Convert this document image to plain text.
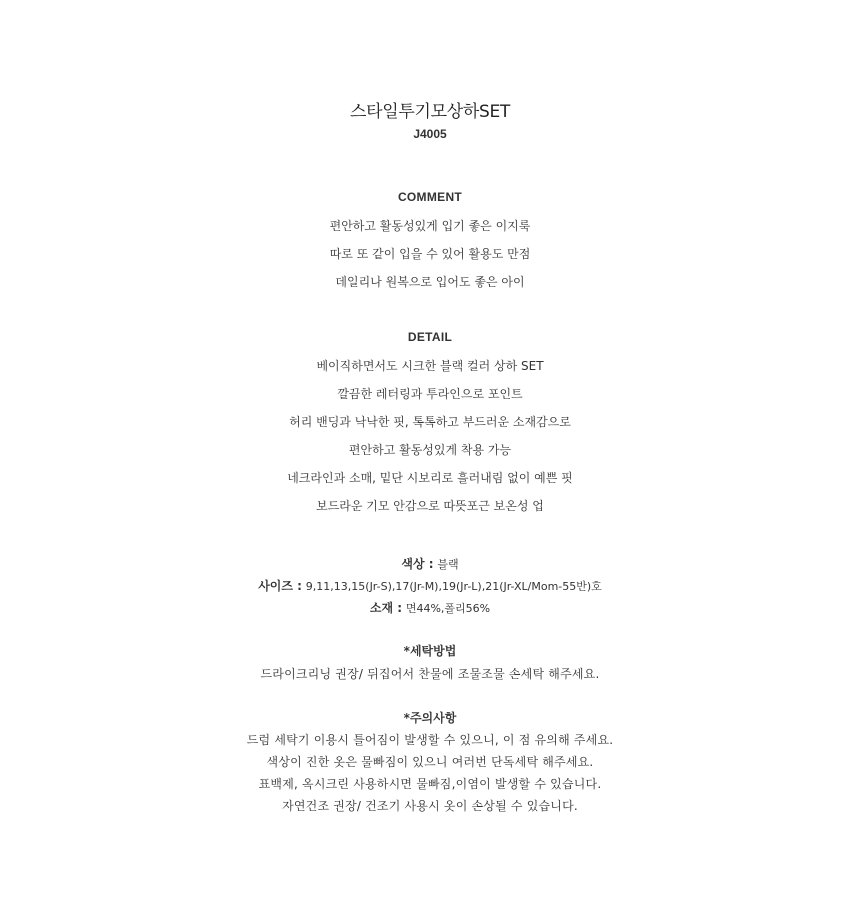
스타일투기모상하SET
J4005
COMMENT
편안하고 활동성있게 입기 좋은 이지룩
따로 또 같이 입을 수 있어 활용도 만점
데일리나 원복으로 입어도 좋은 아이
DETAIL
베이직하면서도 시크한 블랙 컬러 상하 SET
깔끔한 레터링과 투라인으로 포인트
허리 밴딩과 낙낙한 핏, 톡톡하고 부드러운 소재감으로
편안하고 활동성있게 착용 가능
네크라인과 소매, 밑단 시보리로 흘러내림 없이 예쁜 핏
보드라운 기모 안감으로 따뜻포근 보온성 업
색상 : 블랙
사이즈 : 9,11,13,15(Jr-S),17(Jr-M),19(Jr-L),21(Jr-XL/Mom-55반)호
소재 : 면44%,폴리56%
*세탁방법
드라이크리닝 권장/ 뒤집어서 찬물에 조물조물 손세탁 해주세요.
*주의사항
드럼 세탁기 이용시 틀어짐이 발생할 수 있으니, 이 점 유의해 주세요.
색상이 진한 옷은 물빠짐이 있으니 여러번 단독세탁 해주세요.
표백제, 옥시크린 사용하시면 물빠짐,이염이 발생할 수 있습니다.
자연건조 권장/ 건조기 사용시 옷이 손상될 수 있습니다.
